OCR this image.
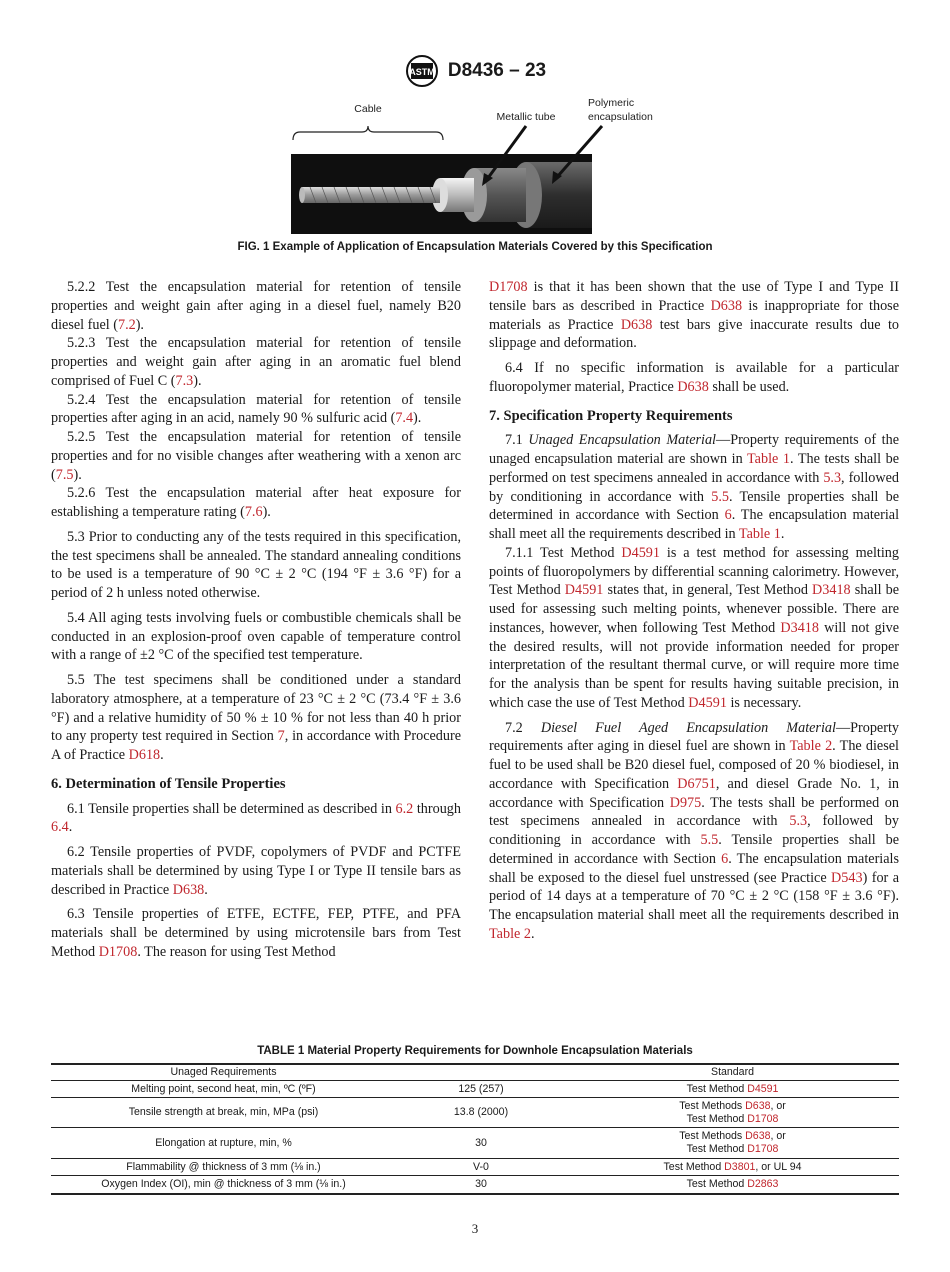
ASTM D8436 – 23
Cable
Metallic tube
Polymeric
encapsulation
FIG. 1 Example of Application of Encapsulation Materials Covered by this Specification

5.2.2 Test the encapsulation material for retention of tensile properties and weight gain after aging in a diesel fuel, namely B20 diesel fuel (7.2).

5.2.3 Test the encapsulation material for retention of tensile properties and weight gain after aging in an aromatic fuel blend comprised of Fuel C (7.3).

5.2.4 Test the encapsulation material for retention of tensile properties after aging in an acid, namely 90 % sulfuric acid (7.4).

5.2.5 Test the encapsulation material for retention of tensile properties and for no visible changes after weathering with a xenon arc (7.5).

5.2.6 Test the encapsulation material after heat exposure for establishing a temperature rating (7.6).

5.3 Prior to conducting any of the tests required in this specification, the test specimens shall be annealed. The standard annealing conditions to be used is a temperature of 90 °C ± 2 °C (194 °F ± 3.6 °F) for a period of 2 h unless noted otherwise.

5.4 All aging tests involving fuels or combustible chemicals shall be conducted in an explosion-proof oven capable of temperature control with a range of ±2 °C of the specified test temperature.

5.5 The test specimens shall be conditioned under a standard laboratory atmosphere, at a temperature of 23 °C ± 2 °C (73.4 °F ± 3.6 °F) and a relative humidity of 50 % ± 10 % for not less than 40 h prior to any property test required in Section 7, in accordance with Procedure A of Practice D618.

6. Determination of Tensile Properties

6.1 Tensile properties shall be determined as described in 6.2 through 6.4.

6.2 Tensile properties of PVDF, copolymers of PVDF and PCTFE materials shall be determined by using Type I or Type II tensile bars as described in Practice D638.

6.3 Tensile properties of ETFE, ECTFE, FEP, PTFE, and PFA materials shall be determined by using microtensile bars from Test Method D1708. The reason for using Test Method

D1708 is that it has been shown that the use of Type I and Type II tensile bars as described in Practice D638 is inappropriate for those materials as Practice D638 test bars give inaccurate results due to slippage and deformation.

6.4 If no specific information is available for a particular fluoropolymer material, Practice D638 shall be used.

7. Specification Property Requirements

7.1 Unaged Encapsulation Material—Property requirements of the unaged encapsulation material are shown in Table 1. The tests shall be performed on test specimens annealed in accordance with 5.3, followed by conditioning in accordance with 5.5. Tensile properties shall be determined in accordance with Section 6. The encapsulation material shall meet all the requirements described in Table 1.

7.1.1 Test Method D4591 is a test method for assessing melting points of fluoropolymers by differential scanning calorimetry. However, Test Method D4591 states that, in general, Test Method D3418 shall be used for assessing such melting points, whenever possible. There are instances, however, when following Test Method D3418 will not give the desired results, will not provide information needed for proper interpretation of the resultant thermal curve, or will require more time for the analysis than be spent for results having suitable precision, in which case the use of Test Method D4591 is necessary.

7.2 Diesel Fuel Aged Encapsulation Material—Property requirements after aging in diesel fuel are shown in Table 2. The diesel fuel to be used shall be B20 diesel fuel, composed of 20 % biodiesel, in accordance with Specification D6751, and diesel Grade No. 1, in accordance with Specification D975. The tests shall be performed on test specimens annealed in accordance with 5.3, followed by conditioning in accordance with 5.5. Tensile properties shall be determined in accordance with Section 6. The encapsulation materials shall be exposed to the diesel fuel unstressed (see Practice D543) for a period of 14 days at a temperature of 70 °C ± 2 °C (158 °F ± 3.6 °F). The encapsulation material shall meet all the requirements described in Table 2.

TABLE 1 Material Property Requirements for Downhole Encapsulation Materials
Unaged Requirements		Standard
Melting point, second heat, min, ºC (ºF)	125 (257)	Test Method D4591
Tensile strength at break, min, MPa (psi)	13.8 (2000)	Test Methods D638, or
Test Method D1708
Elongation at rupture, min, %	30	Test Methods D638, or
Test Method D1708
Flammability @ thickness of 3 mm (⅛ in.)	V-0	Test Method D3801, or UL 94
Oxygen Index (OI), min @ thickness of 3 mm (⅛ in.)	30	Test Method D2863
3
